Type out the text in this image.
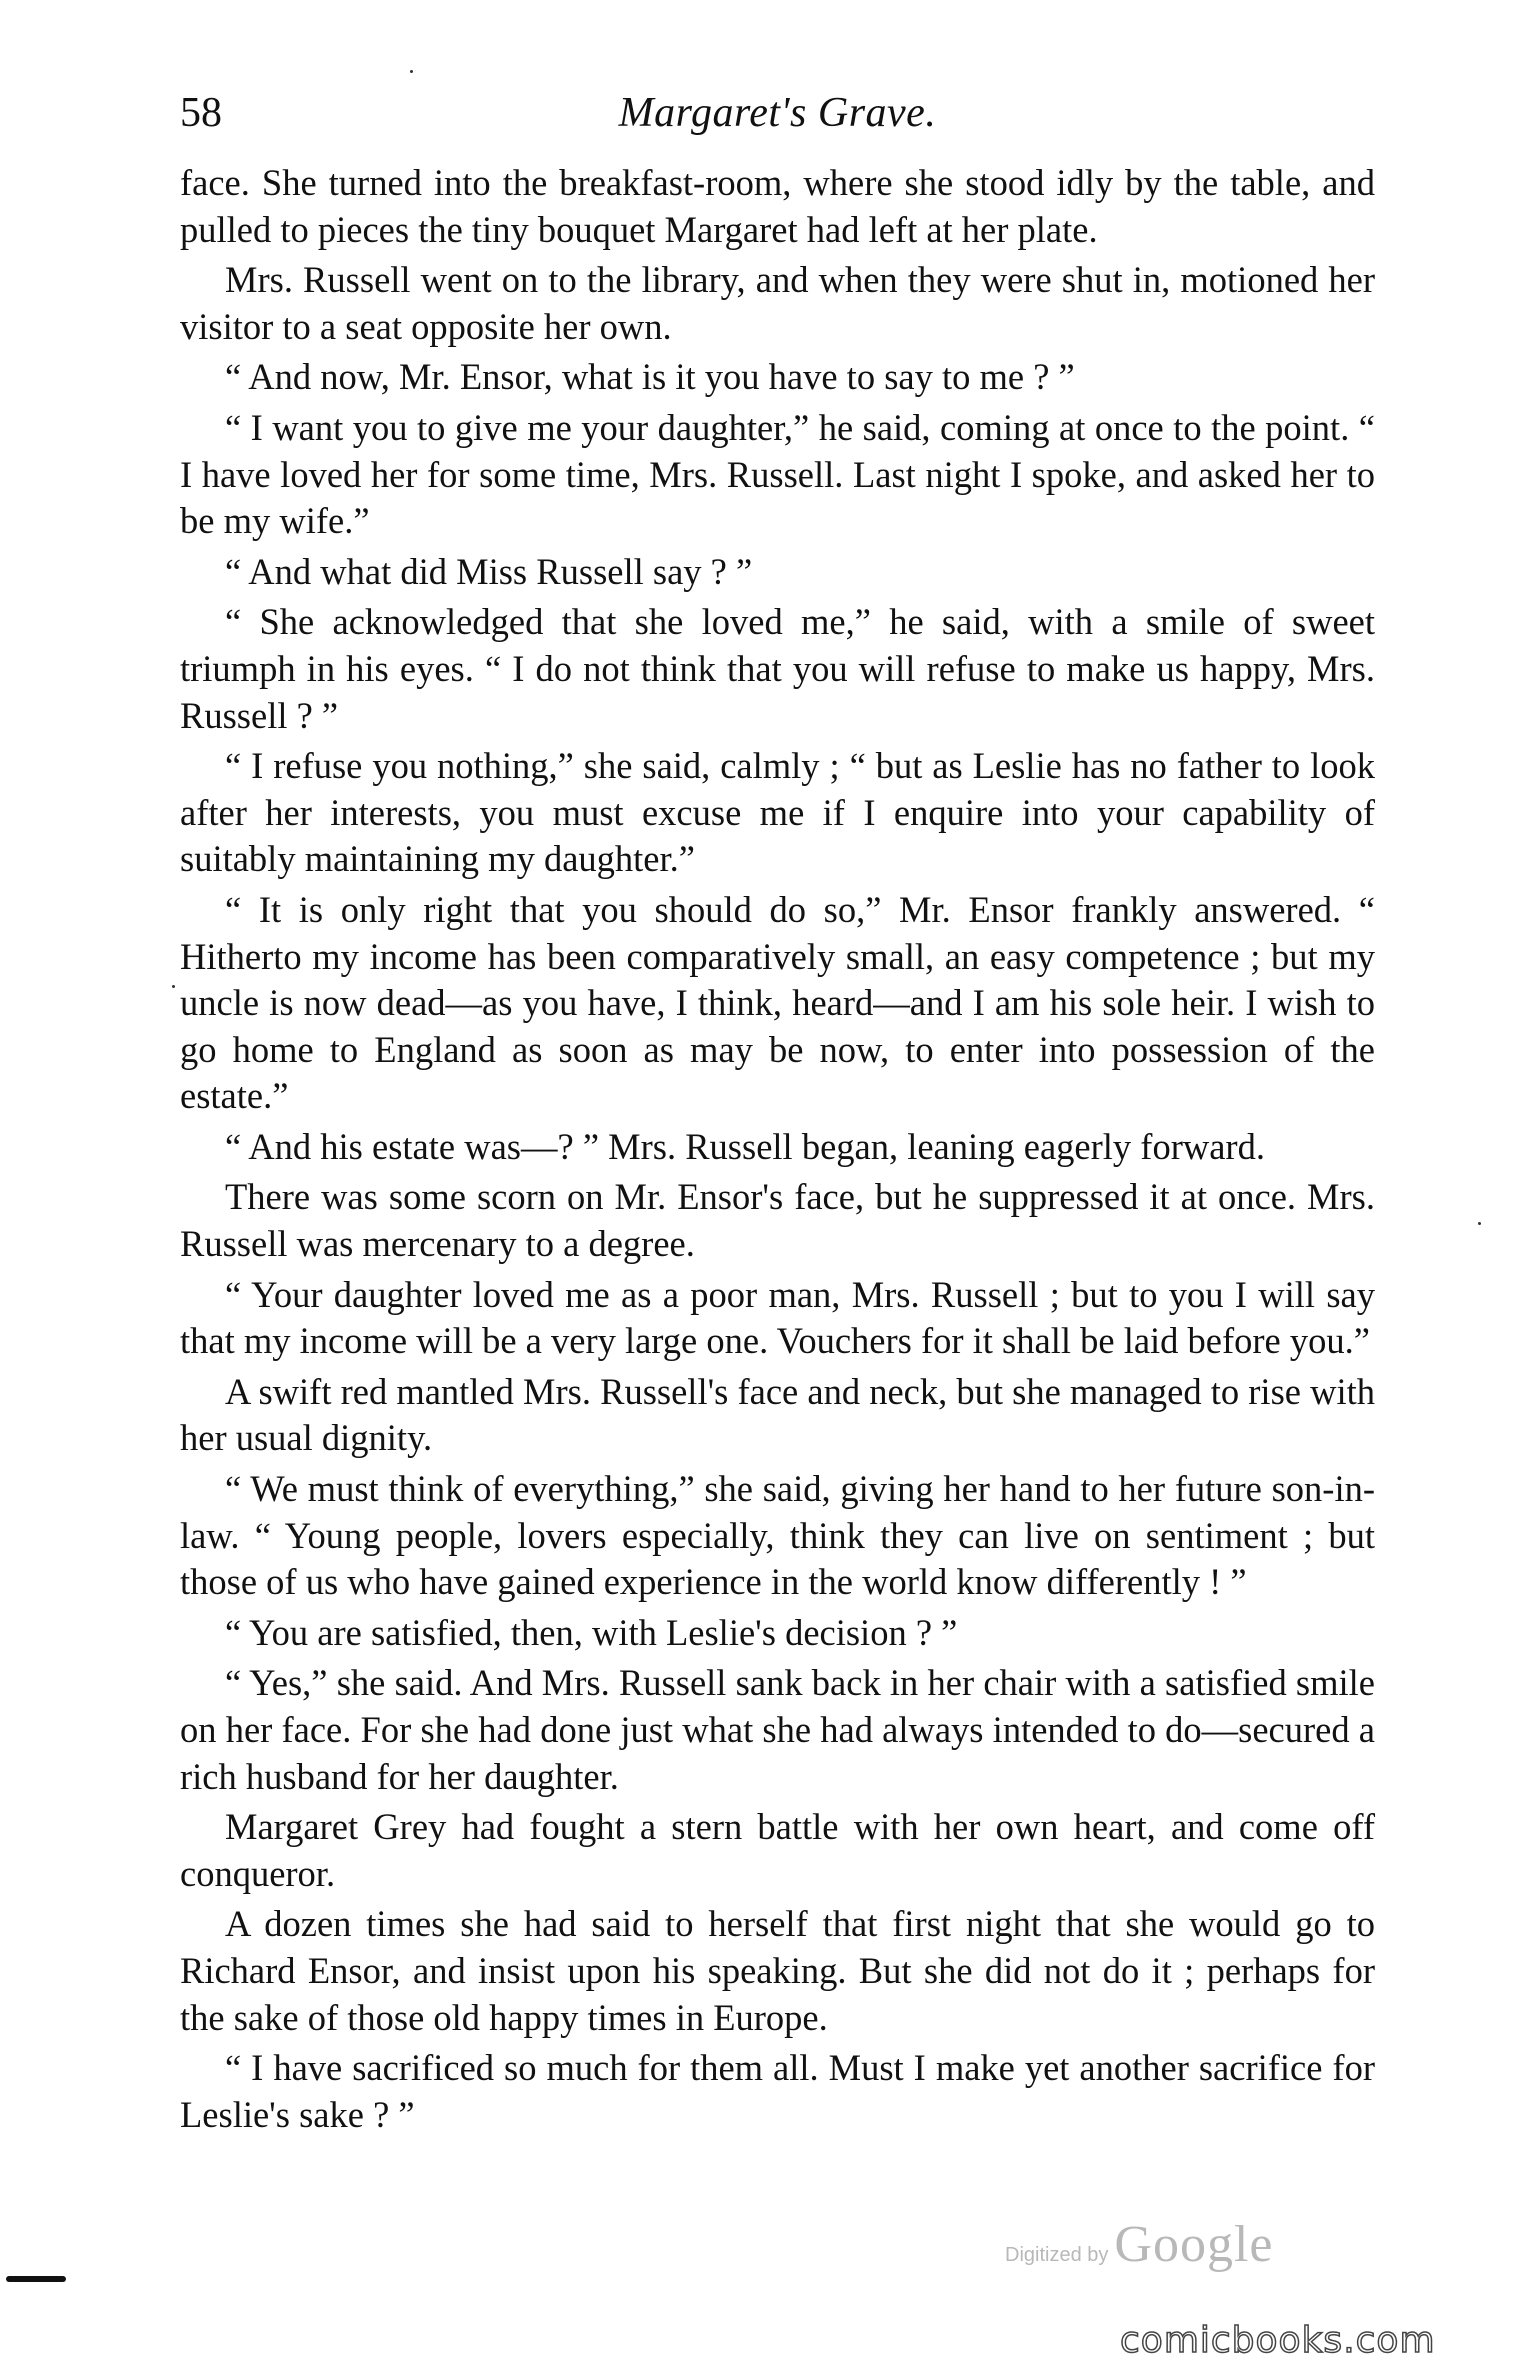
58	Margaret's Grave.

face. She turned into the breakfast-room, where she stood idly by the table, and pulled to pieces the tiny bouquet Margaret had left at her plate.

Mrs. Russell went on to the library, and when they were shut in, motioned her visitor to a seat opposite her own.

“ And now, Mr. Ensor, what is it you have to say to me ? ”

“ I want you to give me your daughter,” he said, coming at once to the point. “ I have loved her for some time, Mrs. Russell. Last night I spoke, and asked her to be my wife.”

“ And what did Miss Russell say ? ”

“ She acknowledged that she loved me,” he said, with a smile of sweet triumph in his eyes. “ I do not think that you will refuse to make us happy, Mrs. Russell ? ”

“ I refuse you nothing,” she said, calmly ; “ but as Leslie has no father to look after her interests, you must excuse me if I enquire into your capability of suitably maintaining my daughter.”

“ It is only right that you should do so,” Mr. Ensor frankly answered. “ Hitherto my income has been comparatively small, an easy competence ; but my uncle is now dead—as you have, I think, heard—and I am his sole heir. I wish to go home to England as soon as may be now, to enter into possession of the estate.”

“ And his estate was—? ” Mrs. Russell began, leaning eagerly forward.

There was some scorn on Mr. Ensor's face, but he suppressed it at once. Mrs. Russell was mercenary to a degree.

“ Your daughter loved me as a poor man, Mrs. Russell ; but to you I will say that my income will be a very large one. Vouchers for it shall be laid before you.”

A swift red mantled Mrs. Russell's face and neck, but she managed to rise with her usual dignity.

“ We must think of everything,” she said, giving her hand to her future son-in-law. “ Young people, lovers especially, think they can live on sentiment ; but those of us who have gained experience in the world know differently ! ”

“ You are satisfied, then, with Leslie's decision ? ”

“ Yes,” she said. And Mrs. Russell sank back in her chair with a satisfied smile on her face. For she had done just what she had always intended to do—secured a rich husband for her daughter.

Margaret Grey had fought a stern battle with her own heart, and come off conqueror.

A dozen times she had said to herself that first night that she would go to Richard Ensor, and insist upon his speaking. But she did not do it ; perhaps for the sake of those old happy times in Europe.

“ I have sacrificed so much for them all. Must I make yet another sacrifice for Leslie's sake ? ”

Digitized by Google
comicbooks.com
